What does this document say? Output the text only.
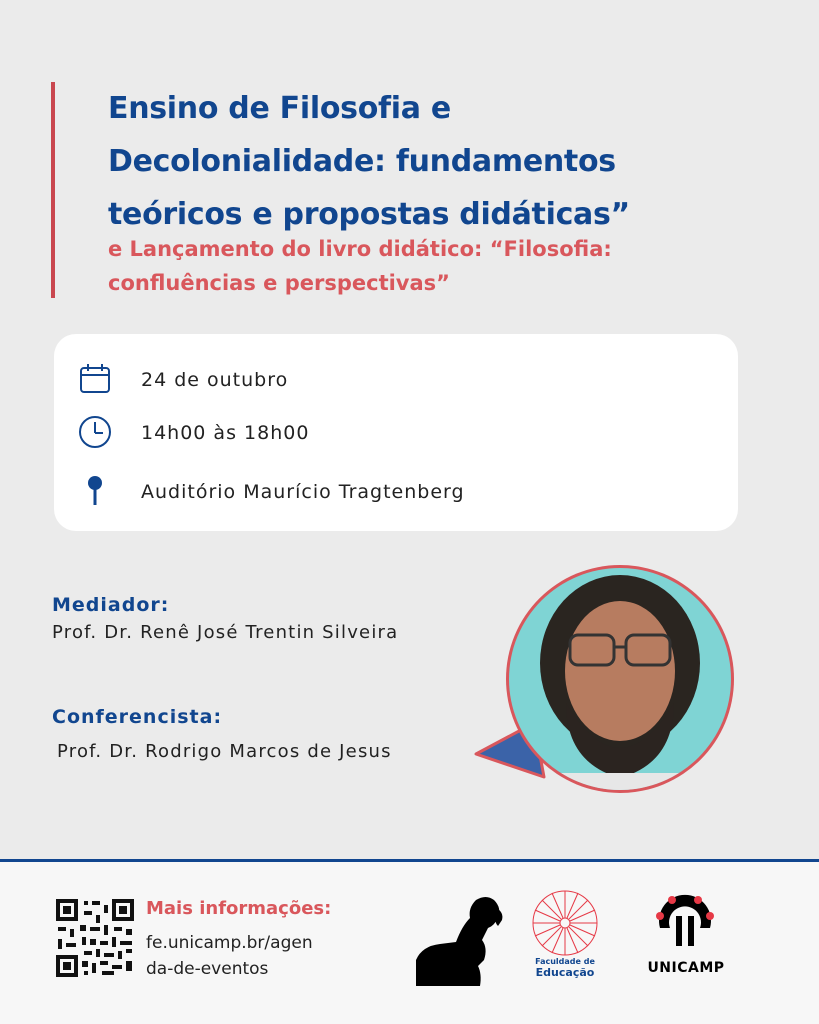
Ensino de Filosofia e
Decolonialidade: fundamentos
teóricos e propostas didáticas”
e Lançamento do livro didático: “Filosofia:
confluências e perspectivas”
24 de outubro
14h00 às 18h00
Auditório Maurício Tragtenberg
Mediador:
Prof. Dr. Renê José Trentin Silveira
Conferencista:
Prof. Dr. Rodrigo Marcos de Jesus
Mais informações:
fe.unicamp.br/agen
da-de-eventos	Faculdade de
Educação	UNICAMP
